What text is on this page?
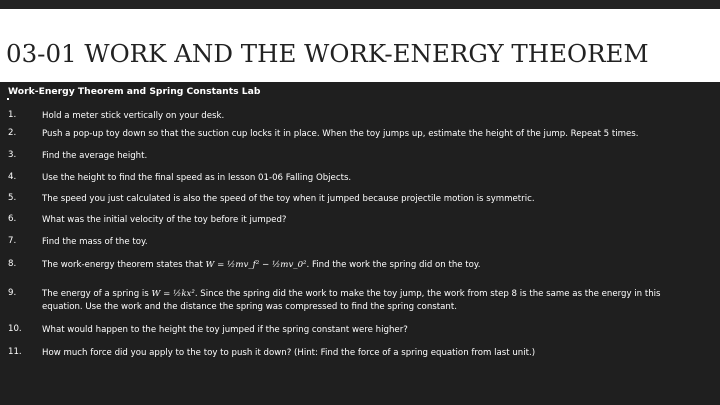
03-01 WORK AND THE WORK-ENERGY THEOREM
Work-Energy Theorem and Spring Constants Lab
1.	Hold a meter stick vertically on your desk.
2.	Push a pop-up toy down so that the suction cup locks it in place. When the toy jumps up, estimate the height of the jump. Repeat 5 times.
3.	Find the average height.
4.	Use the height to find the final speed as in lesson 01-06 Falling Objects.
5.	The speed you just calculated is also the speed of the toy when it jumped because projectile motion is symmetric.
6.	What was the initial velocity of the toy before it jumped?
7.	Find the mass of the toy.
8.	The work-energy theorem states that W = ½mv_f² − ½mv_0². Find the work the spring did on the toy.
9.	The energy of a spring is W = ½kx². Since the spring did the work to make the toy jump, the work from step 8 is the same as the energy in this
equation. Use the work and the distance the spring was compressed to find the spring constant.
10. What would happen to the height the toy jumped if the spring constant were higher?
11. How much force did you apply to the toy to push it down? (Hint: Find the force of a spring equation from last unit.)
